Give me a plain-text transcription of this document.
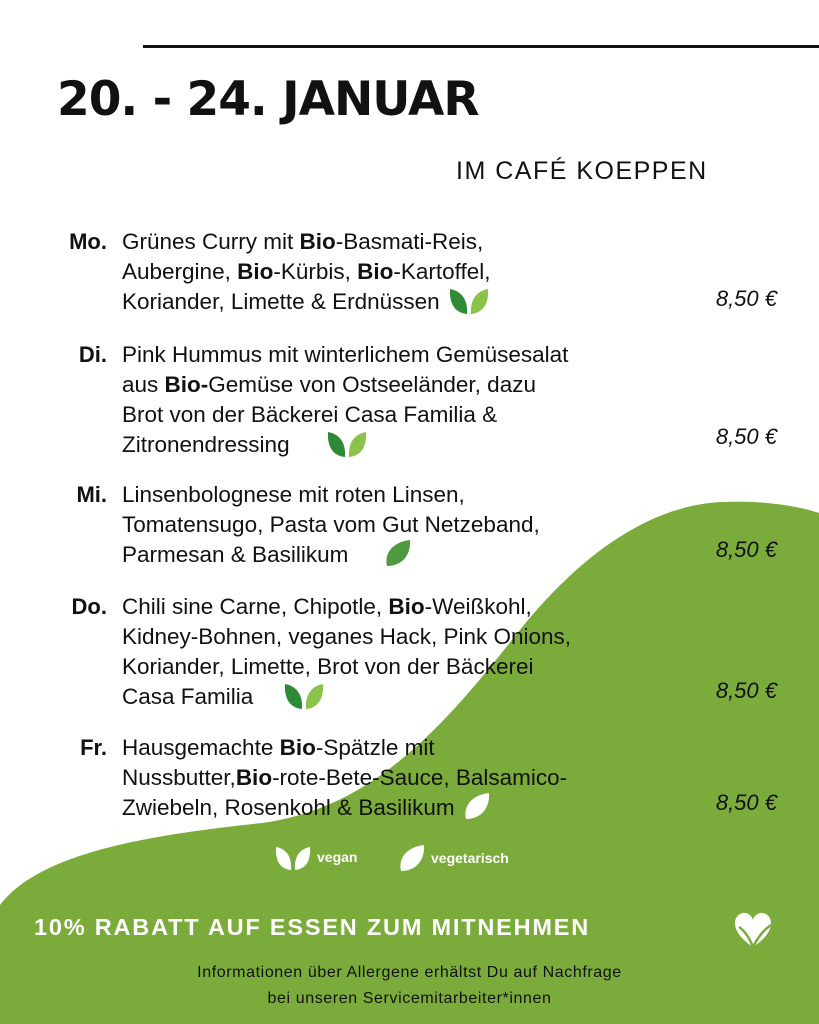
20. - 24. JANUAR

IM CAFÉ KOEPPEN

Mo. Grünes Curry mit Bio-Basmati-Reis,
Aubergine, Bio-Kürbis, Bio-Kartoffel,
Koriander, Limette & Erdnüssen	8,50 €

Di. Pink Hummus mit winterlichem Gemüsesalat
aus Bio-Gemüse von Ostseeländer, dazu
Brot von der Bäckerei Casa Familia &
Zitronendressing	8,50 €

Mi. Linsenbolognese mit roten Linsen,
Tomatensugo, Pasta vom Gut Netzeband,
Parmesan & Basilikum	8,50 €

Do. Chili sine Carne, Chipotle, Bio-Weißkohl,
Kidney-Bohnen, veganes Hack, Pink Onions,
Koriander, Limette, Brot von der Bäckerei
Casa Familia	8,50 €

Fr. Hausgemachte Bio-Spätzle mit
Nussbutter,Bio-rote-Bete-Sauce, Balsamico-
Zwiebeln, Rosenkohl & Basilikum	8,50 €

vegan	vegetarisch

10% RABATT AUF ESSEN ZUM MITNEHMEN

Informationen über Allergene erhältst Du auf Nachfrage
bei unseren Servicemitarbeiter*innen
